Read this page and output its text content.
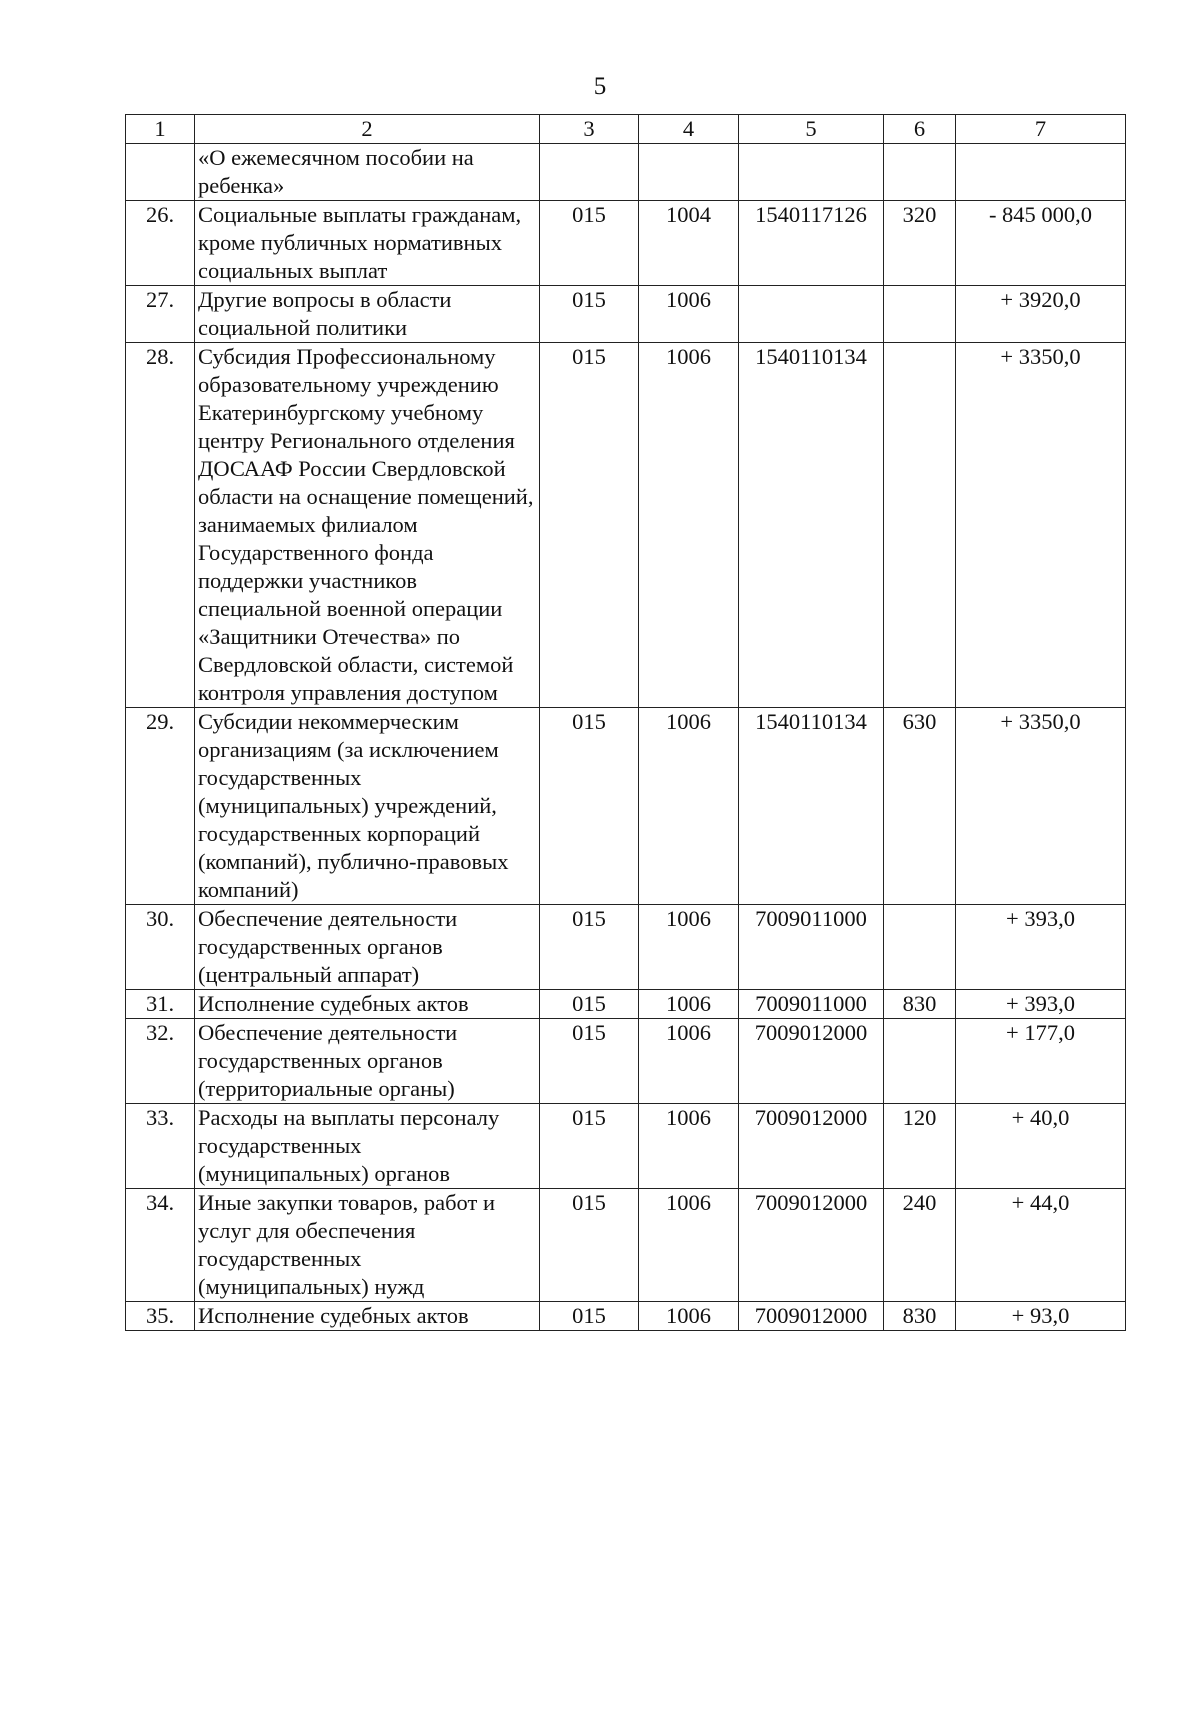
5
1	2	3	4	5	6	7
	«О ежемесячном пособии на ребенка»					
26.	Социальные выплаты гражданам, кроме публичных нормативных социальных выплат	015	1004	1540117126	320	- 845 000,0
27.	Другие вопросы в области социальной политики	015	1006			+ 3920,0
28.	Субсидия Профессиональному образовательному учреждению Екатеринбургскому учебному центру Регионального отделения ДОСААФ России Свердловской области на оснащение помещений, занимаемых филиалом Государственного фонда поддержки участников специальной военной операции «Защитники Отечества» по Свердловской области, системой контроля управления доступом	015	1006	1540110134		+ 3350,0
29.	Субсидии некоммерческим организациям (за исключением государственных (муниципальных) учреждений, государственных корпораций (компаний), публично-правовых компаний)	015	1006	1540110134	630	+ 3350,0
30.	Обеспечение деятельности государственных органов (центральный аппарат)	015	1006	7009011000		+ 393,0
31.	Исполнение судебных актов	015	1006	7009011000	830	+ 393,0
32.	Обеспечение деятельности государственных органов (территориальные органы)	015	1006	7009012000		+ 177,0
33.	Расходы на выплаты персоналу государственных (муниципальных) органов	015	1006	7009012000	120	+ 40,0
34.	Иные закупки товаров, работ и услуг для обеспечения государственных (муниципальных) нужд	015	1006	7009012000	240	+ 44,0
35.	Исполнение судебных актов	015	1006	7009012000	830	+ 93,0
